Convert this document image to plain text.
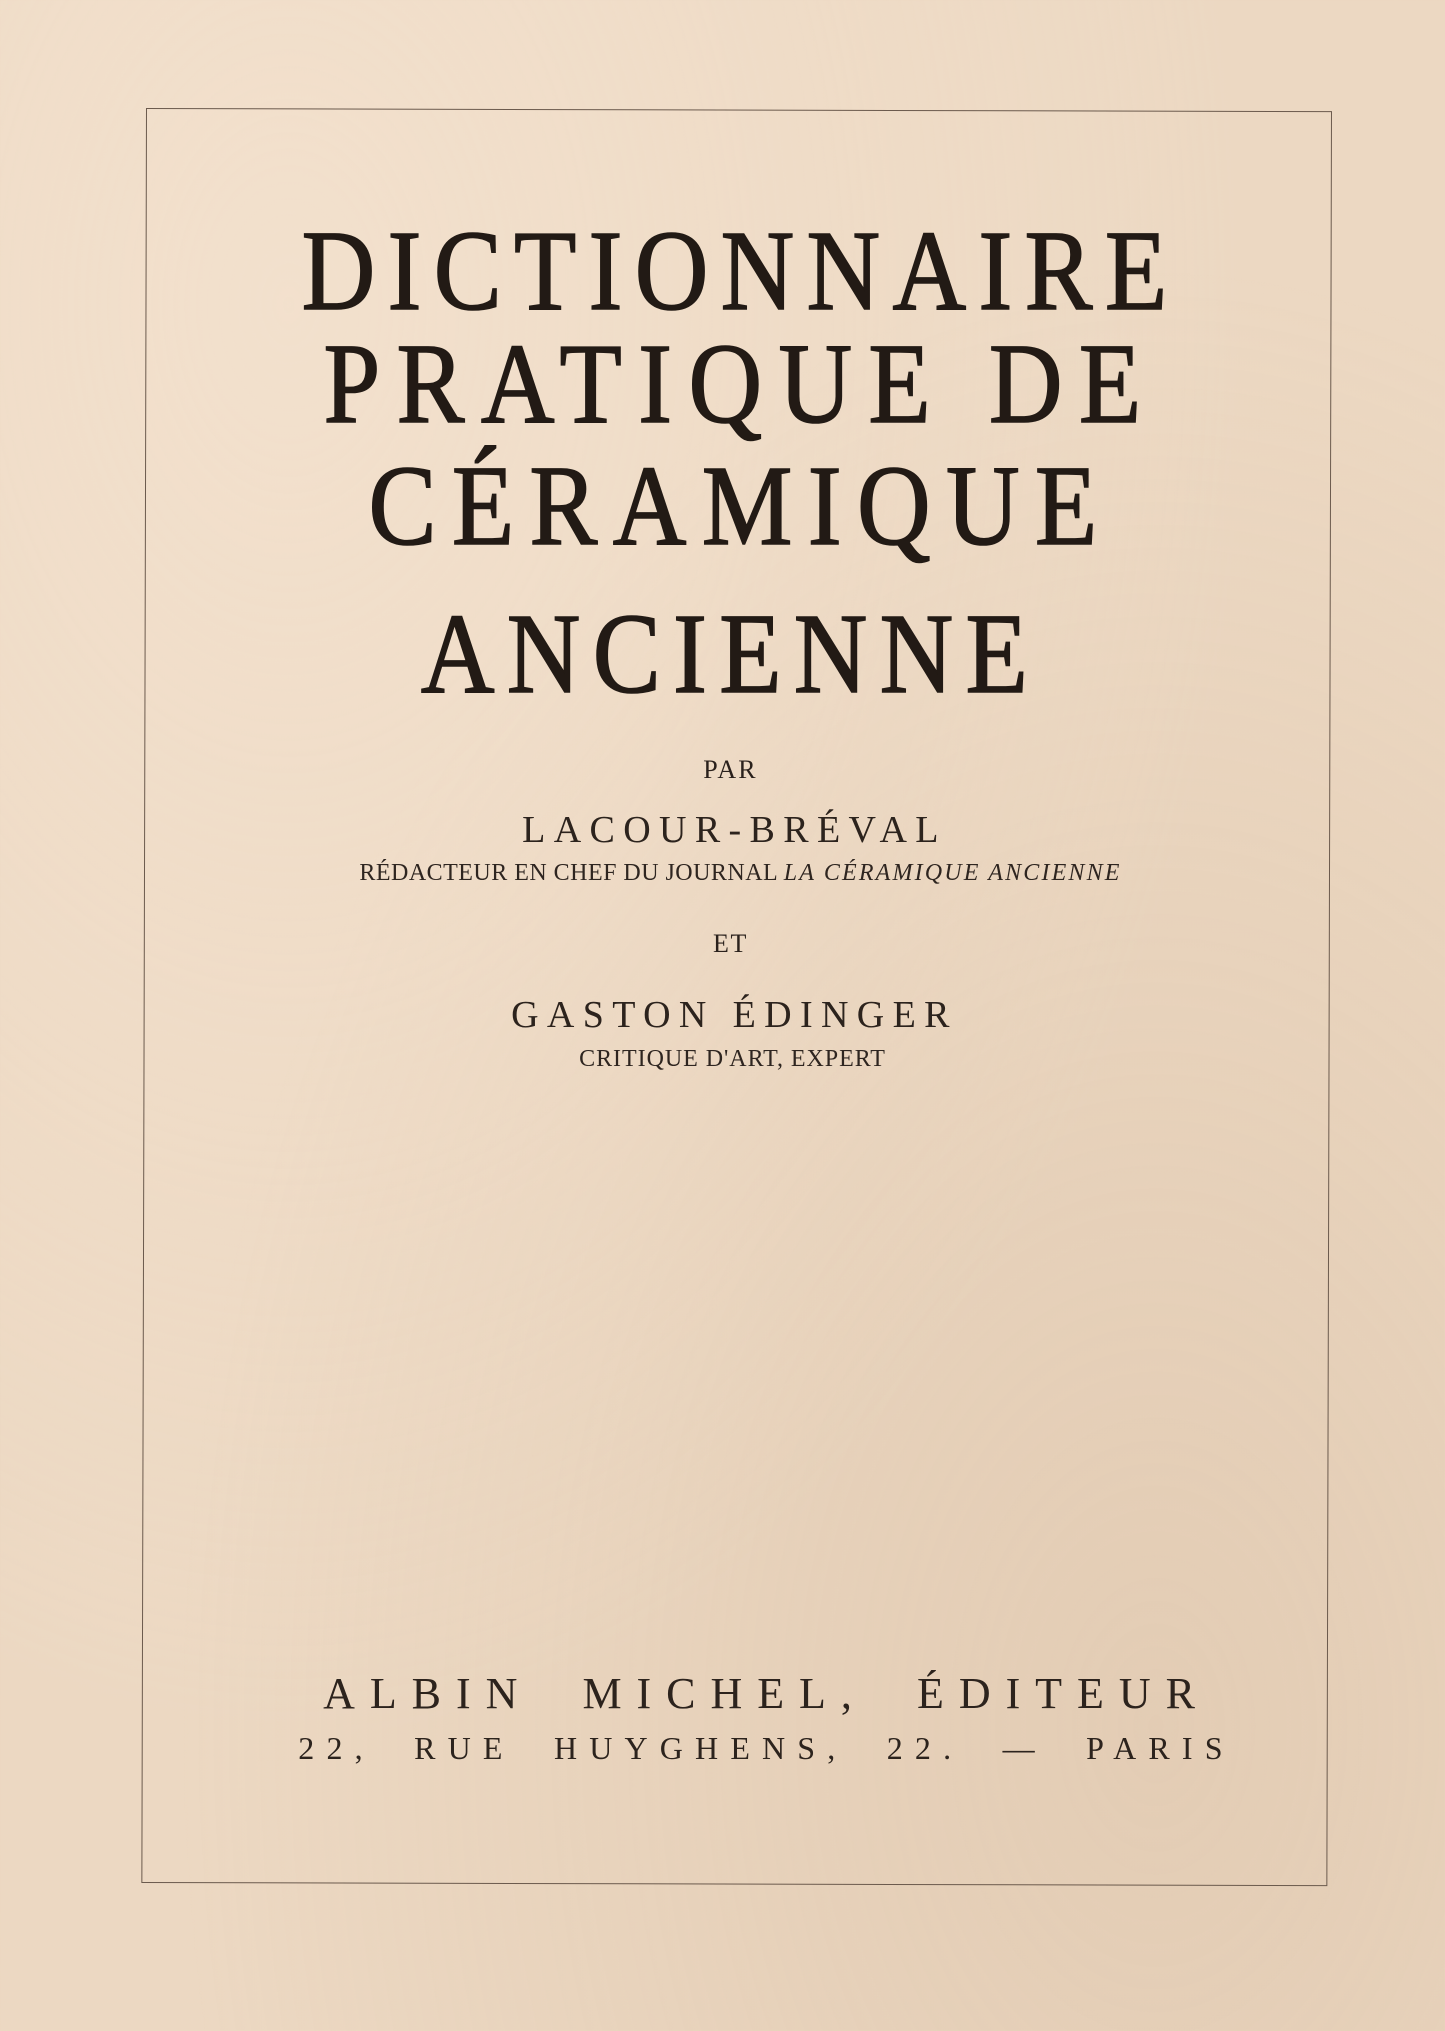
DICTIONNAIRE
PRATIQUE DE
CÉRAMIQUE
ANCIENNE
PAR
LACOUR-BRÉVAL
RÉDACTEUR EN CHEF DU JOURNAL LA CÉRAMIQUE ANCIENNE
ET
GASTON ÉDINGER
CRITIQUE D'ART, EXPERT
ALBIN MICHEL, ÉDITEUR
22, RUE HUYGHENS, 22. — PARIS
